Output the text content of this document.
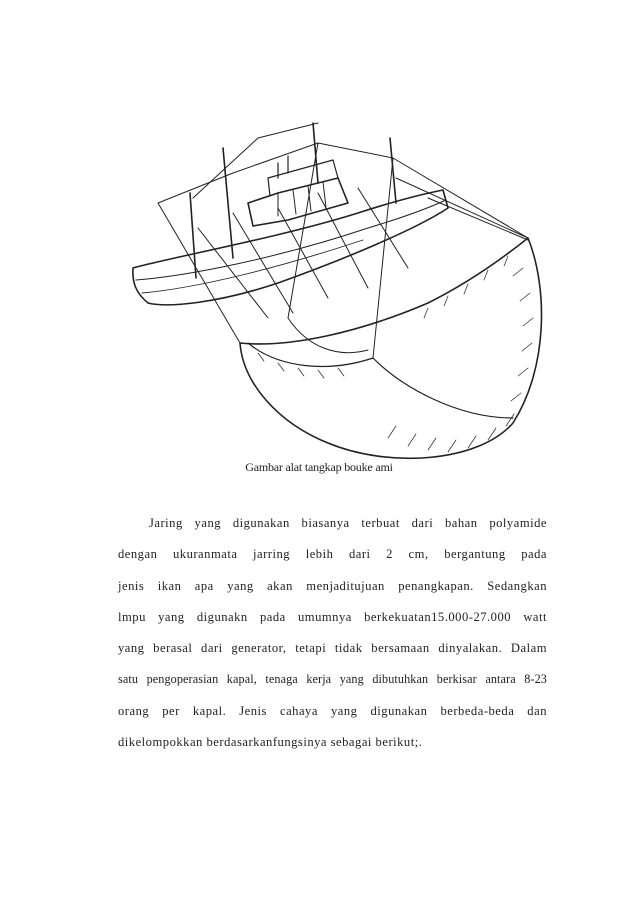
Gambar alat tangkap bouke ami
Jaring yang digunakan biasanya terbuat dari bahan polyamide
dengan ukuranmata jarring lebih dari 2 cm, bergantung pada
jenis ikan apa yang akan menjaditujuan penangkapan. Sedangkan
lmpu yang digunakn pada umumnya berkekuatan15.000-27.000 watt
yang berasal dari generator, tetapi tidak bersamaan dinyalakan. Dalam
satu pengoperasian kapal, tenaga kerja yang dibutuhkan berkisar antara 8-23
orang per kapal. Jenis cahaya yang digunakan berbeda-beda dan
dikelompokkan berdasarkanfungsinya sebagai berikut;.
